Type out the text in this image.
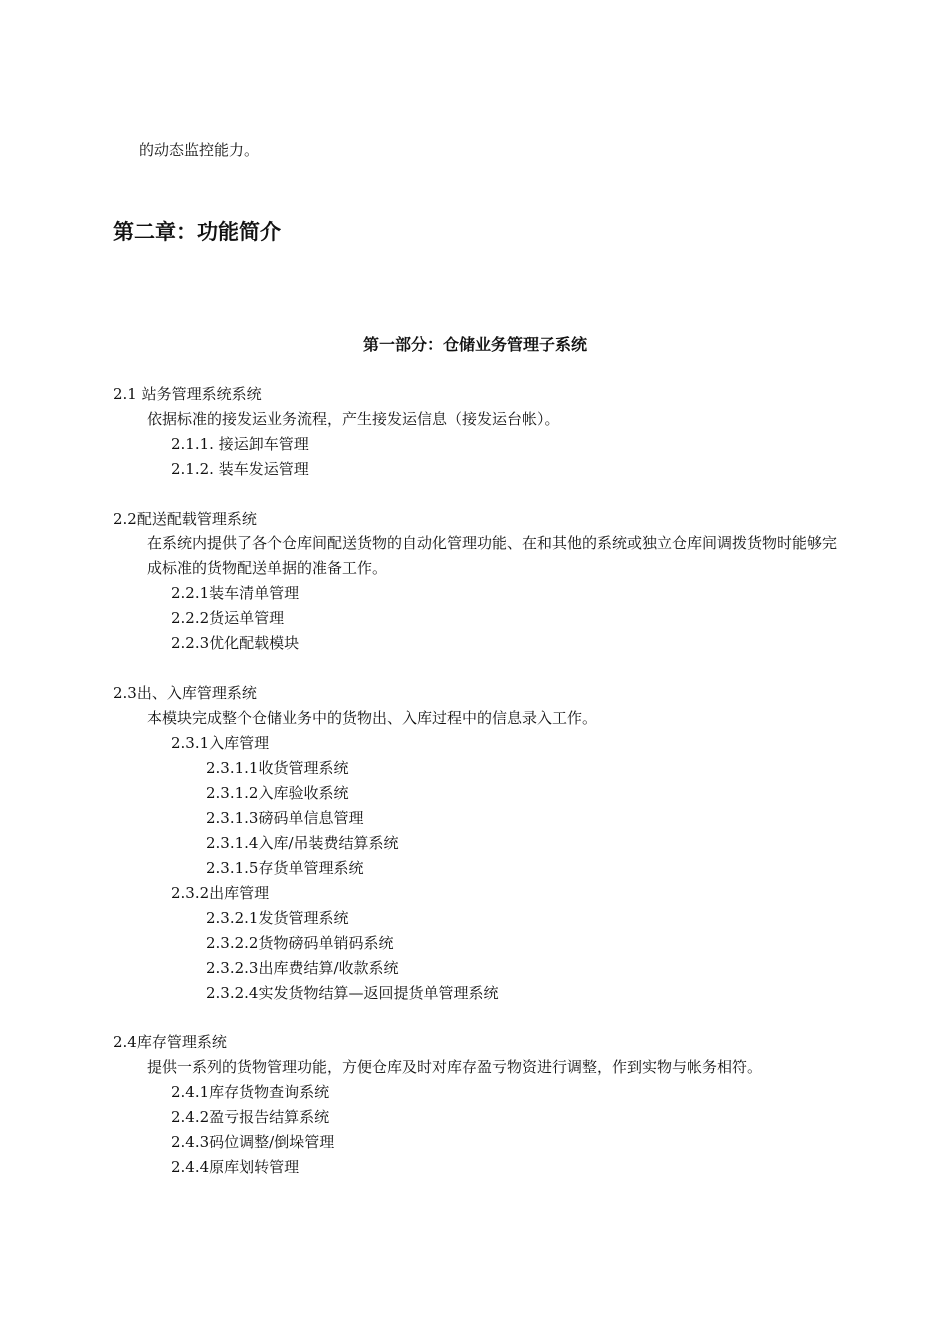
的动态监控能力。
第二章：功能简介
第一部分：仓储业务管理子系统
2.1 站务管理系统系统
依据标准的接发运业务流程，产生接发运信息（接发运台帐）。
2.1.1. 接运卸车管理
2.1.2. 装车发运管理
2.2配送配载管理系统
在系统内提供了各个仓库间配送货物的自动化管理功能、在和其他的系统或独立仓库间调拨货物时能够完成标准的货物配送单据的准备工作。
2.2.1装车清单管理
2.2.2货运单管理
2.2.3优化配载模块
2.3出、入库管理系统
本模块完成整个仓储业务中的货物出、入库过程中的信息录入工作。
2.3.1入库管理
2.3.1.1收货管理系统
2.3.1.2入库验收系统
2.3.1.3磅码单信息管理
2.3.1.4入库/吊装费结算系统
2.3.1.5存货单管理系统
2.3.2出库管理
2.3.2.1发货管理系统
2.3.2.2货物磅码单销码系统
2.3.2.3出库费结算/收款系统
2.3.2.4实发货物结算—返回提货单管理系统
2.4库存管理系统
提供一系列的货物管理功能，方便仓库及时对库存盈亏物资进行调整，作到实物与帐务相符。
2.4.1库存货物查询系统
2.4.2盈亏报告结算系统
2.4.3码位调整/倒垛管理
2.4.4原库划转管理
